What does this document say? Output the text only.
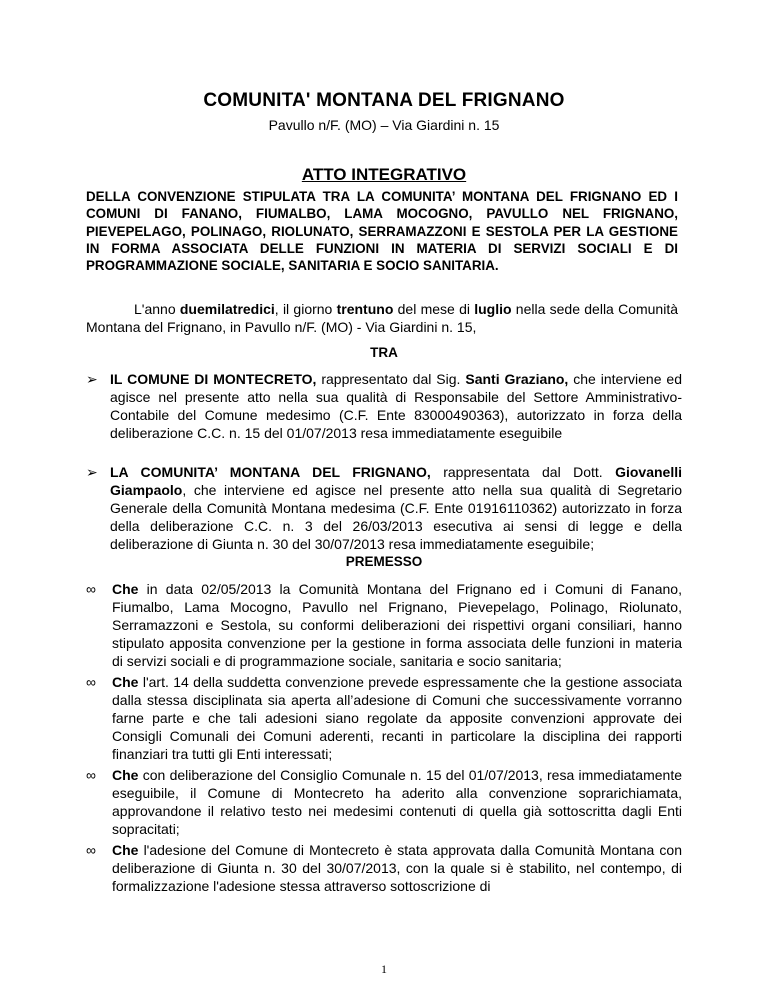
COMUNITA' MONTANA DEL FRIGNANO
Pavullo n/F. (MO) – Via Giardini n. 15
ATTO INTEGRATIVO

DELLA CONVENZIONE STIPULATA TRA LA COMUNITA’ MONTANA DEL FRIGNANO ED I COMUNI DI FANANO, FIUMALBO, LAMA MOCOGNO, PAVULLO NEL FRIGNANO, PIEVEPELAGO, POLINAGO, RIOLUNATO, SERRAMAZZONI E SESTOLA PER LA GESTIONE IN FORMA ASSOCIATA DELLE FUNZIONI IN MATERIA DI SERVIZI SOCIALI E DI PROGRAMMAZIONE SOCIALE, SANITARIA E SOCIO SANITARIA.

L'anno duemilatredici, il giorno trentuno del mese di luglio nella sede della Comunità Montana del Frignano, in Pavullo n/F. (MO) - Via Giardini n. 15,

TRA
➢ IL COMUNE DI MONTECRETO, rappresentato dal Sig. Santi Graziano, che interviene ed agisce nel presente atto nella sua qualità di Responsabile del Settore Amministrativo-Contabile del Comune medesimo (C.F. Ente 83000490363), autorizzato in forza della deliberazione C.C. n. 15 del 01/07/2013 resa immediatamente eseguibile
➢ LA COMUNITA’ MONTANA DEL FRIGNANO, rappresentata dal Dott. Giovanelli Giampaolo, che interviene ed agisce nel presente atto nella sua qualità di Segretario Generale della Comunità Montana medesima (C.F. Ente 01916110362) autorizzato in forza della deliberazione C.C. n. 3 del 26/03/2013 esecutiva ai sensi di legge e della deliberazione di Giunta n. 30 del 30/07/2013 resa immediatamente eseguibile;
PREMESSO
∞ Che in data 02/05/2013 la Comunità Montana del Frignano ed i Comuni di Fanano, Fiumalbo, Lama Mocogno, Pavullo nel Frignano, Pievepelago, Polinago, Riolunato, Serramazzoni e Sestola, su conformi deliberazioni dei rispettivi organi consiliari, hanno stipulato apposita convenzione per la gestione in forma associata delle funzioni in materia di servizi sociali e di programmazione sociale, sanitaria e socio sanitaria;
∞ Che l'art. 14 della suddetta convenzione prevede espressamente che la gestione associata dalla stessa disciplinata sia aperta all’adesione di Comuni che successivamente vorranno farne parte e che tali adesioni siano regolate da apposite convenzioni approvate dei Consigli Comunali dei Comuni aderenti, recanti in particolare la disciplina dei rapporti finanziari tra tutti gli Enti interessati;
∞ Che con deliberazione del Consiglio Comunale n. 15 del 01/07/2013, resa immediatamente eseguibile, il Comune di Montecreto ha aderito alla convenzione soprarichiamata, approvandone il relativo testo nei medesimi contenuti di quella già sottoscritta dagli Enti sopracitati;
∞ Che l'adesione del Comune di Montecreto è stata approvata dalla Comunità Montana con deliberazione di Giunta n. 30 del 30/07/2013, con la quale si è stabilito, nel contempo, di formalizzazione l'adesione stessa attraverso sottoscrizione di
1
